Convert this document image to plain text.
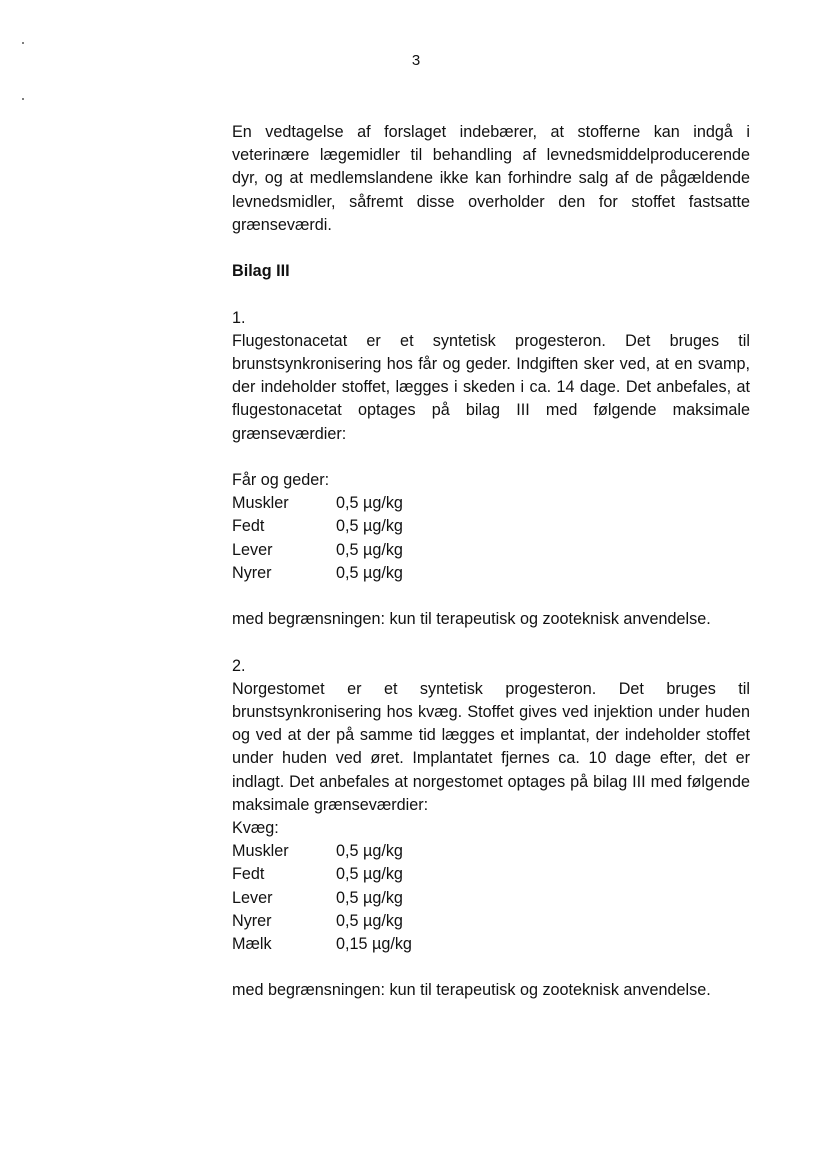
3

En vedtagelse af forslaget indebærer, at stofferne kan indgå i veterinære lægemidler til behandling af levnedsmiddelproducerende dyr, og at medlemslandene ikke kan forhindre salg af de pågældende levnedsmidler, såfremt disse overholder den for stoffet fastsatte grænseværdi.

Bilag III

1.

Flugestonacetat er et syntetisk progesteron. Det bruges til brunstsynkronisering hos får og geder. Indgiften sker ved, at en svamp, der indeholder stoffet, lægges i skeden i ca. 14 dage. Det anbefales, at flugestonacetat optages på bilag III med følgende maksimale grænseværdier:

Får og geder:

Muskler	0,5 µg/kg
Fedt	0,5 µg/kg
Lever	0,5 µg/kg
Nyrer	0,5 µg/kg

med begrænsningen: kun til terapeutisk og zooteknisk anvendelse.

2.

Norgestomet er et syntetisk progesteron. Det bruges til brunstsynkronisering hos kvæg. Stoffet gives ved injektion under huden og ved at der på samme tid lægges et implantat, der indeholder stoffet under huden ved øret. Implantatet fjernes ca. 10 dage efter, det er indlagt. Det anbefales at norgestomet optages på bilag III med følgende maksimale grænseværdier:

Kvæg:

Muskler	0,5 µg/kg
Fedt	0,5 µg/kg
Lever	0,5 µg/kg
Nyrer	0,5 µg/kg
Mælk	0,15 µg/kg

med begrænsningen: kun til terapeutisk og zooteknisk anvendelse.
